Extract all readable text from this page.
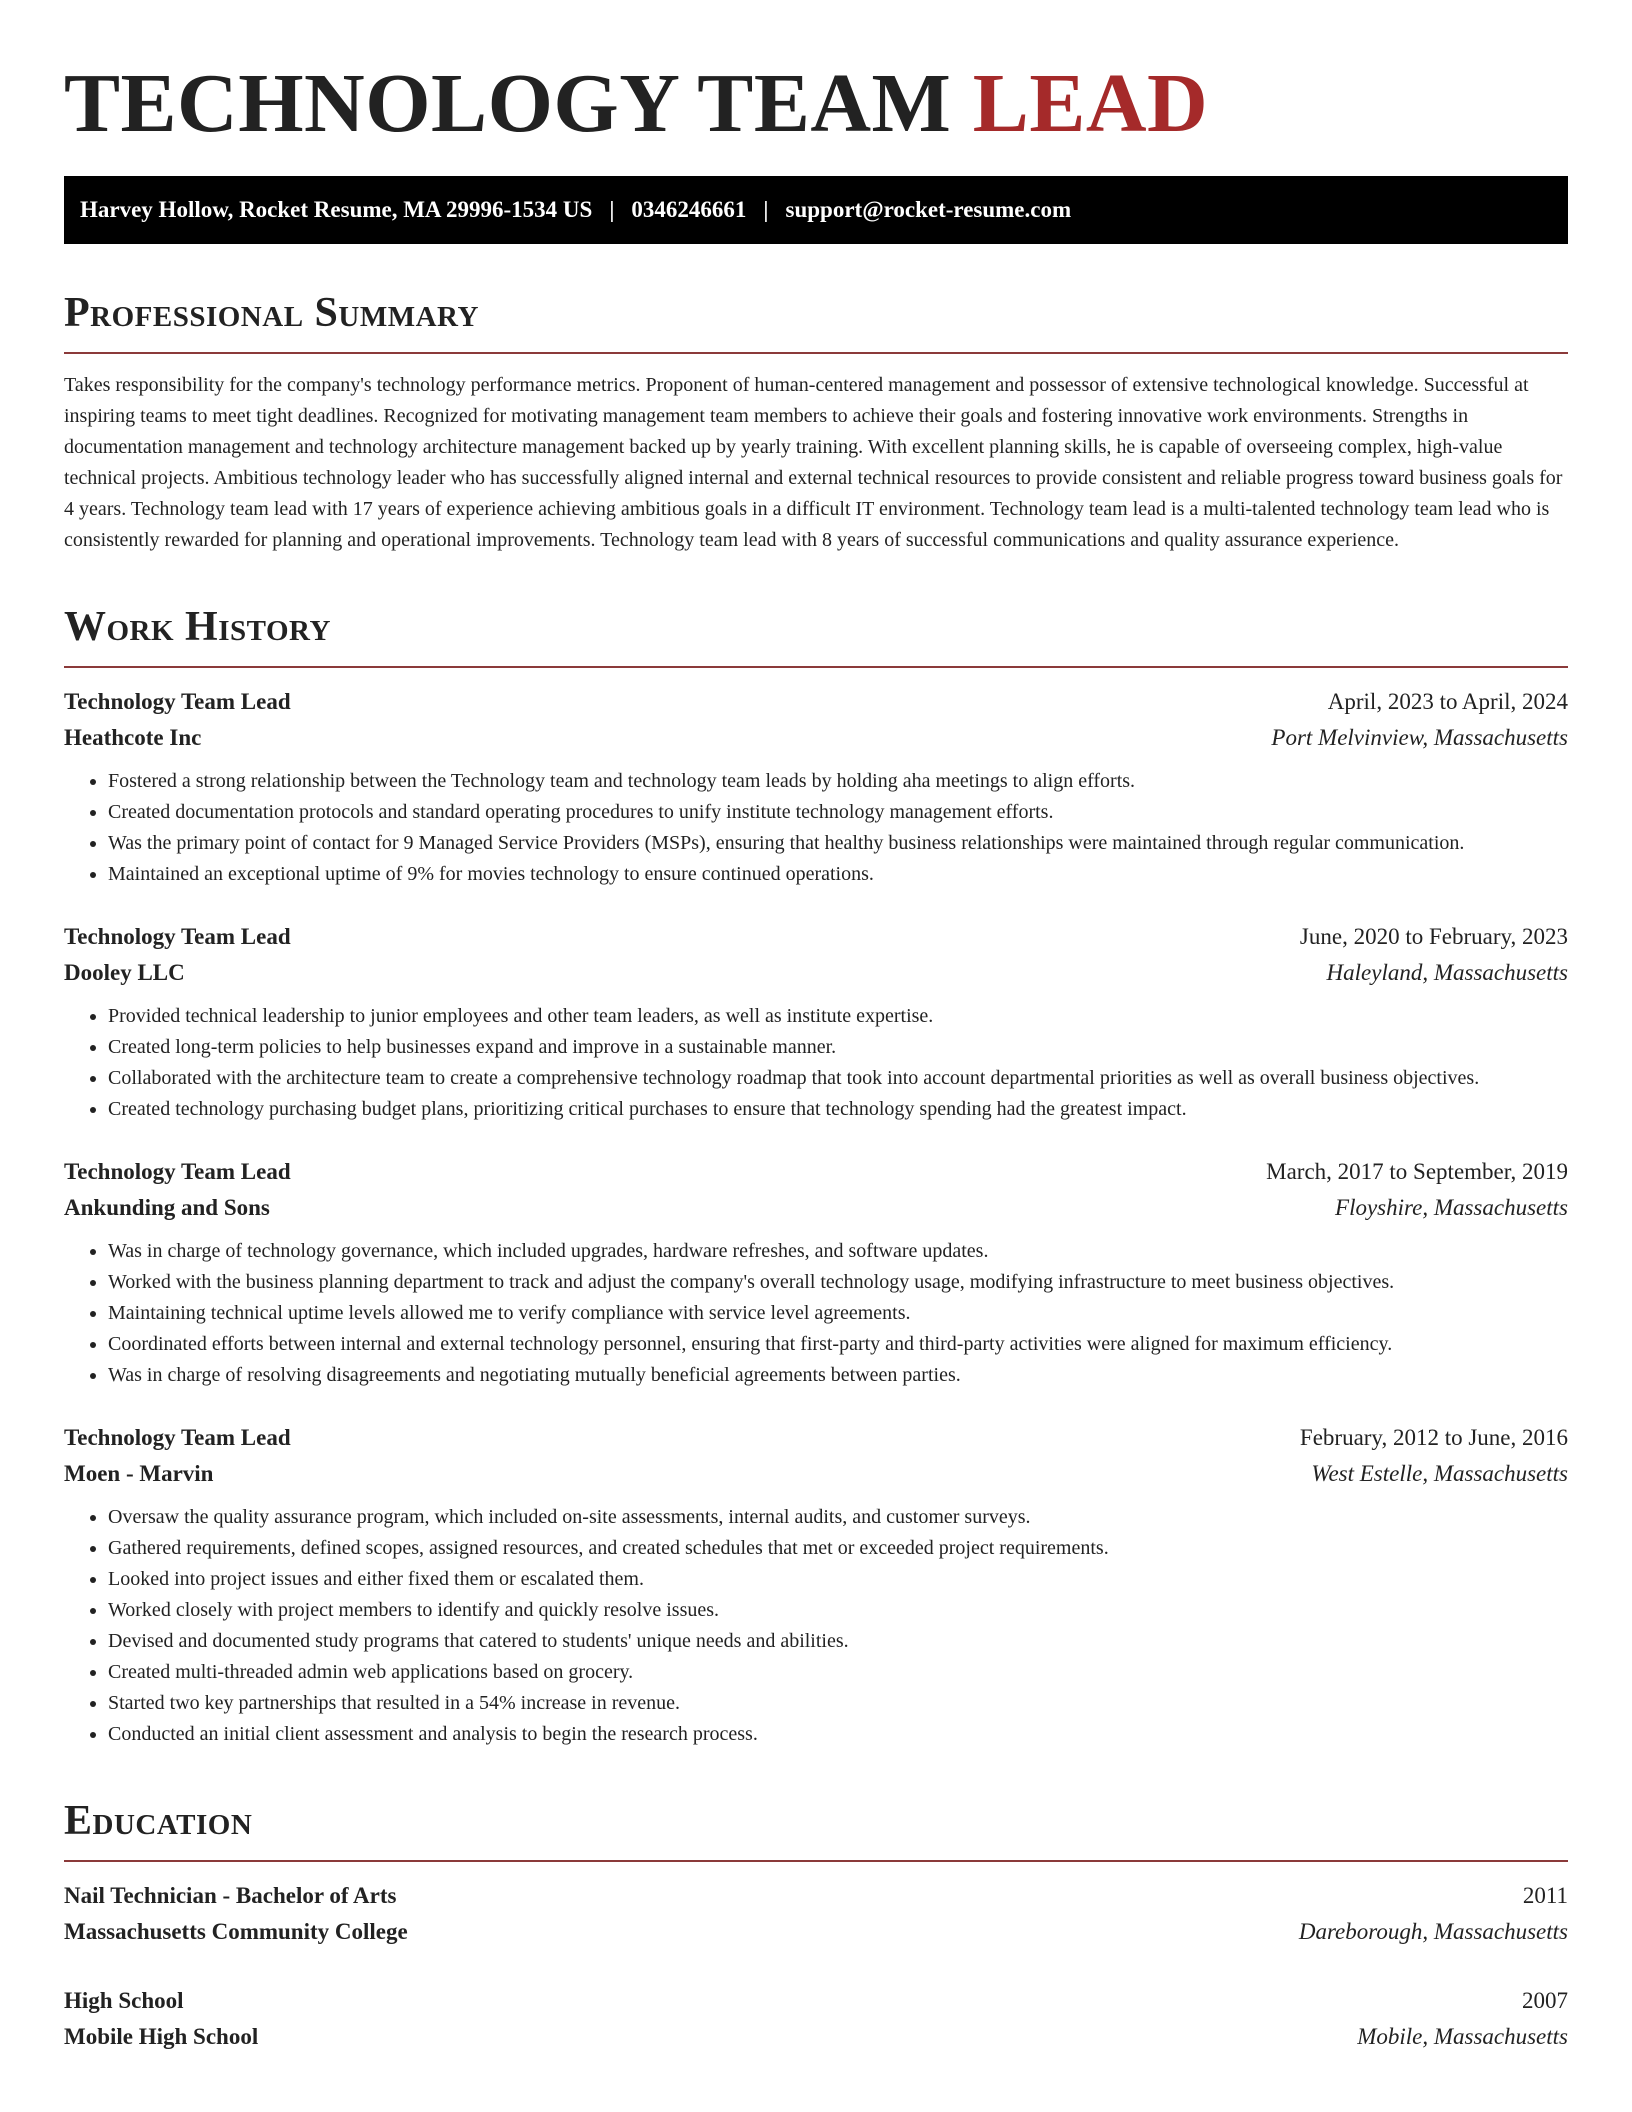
TECHNOLOGY TEAM LEAD
Harvey Hollow, Rocket Resume, MA 29996-1534 US | 0346246661 | support@rocket-resume.com
Professional Summary

Takes responsibility for the company's technology performance metrics. Proponent of human-centered management and possessor of extensive technological knowledge. Successful at inspiring teams to meet tight deadlines. Recognized for motivating management team members to achieve their goals and fostering innovative work environments. Strengths in documentation management and technology architecture management backed up by yearly training. With excellent planning skills, he is capable of overseeing complex, high-value technical projects. Ambitious technology leader who has successfully aligned internal and external technical resources to provide consistent and reliable progress toward business goals for 4 years. Technology team lead with 17 years of experience achieving ambitious goals in a difficult IT environment. Technology team lead is a multi-talented technology team lead who is consistently rewarded for planning and operational improvements. Technology team lead with 8 years of successful communications and quality assurance experience.

Work History
Technology Team Lead	April, 2023 to April, 2024
Heathcote Inc	Port Melvinview, Massachusetts
• Fostered a strong relationship between the Technology team and technology team leads by holding aha meetings to align efforts.
• Created documentation protocols and standard operating procedures to unify institute technology management efforts.
• Was the primary point of contact for 9 Managed Service Providers (MSPs), ensuring that healthy business relationships were maintained through regular communication.
• Maintained an exceptional uptime of 9% for movies technology to ensure continued operations.
Technology Team Lead	June, 2020 to February, 2023
Dooley LLC	Haleyland, Massachusetts
• Provided technical leadership to junior employees and other team leaders, as well as institute expertise.
• Created long-term policies to help businesses expand and improve in a sustainable manner.
• Collaborated with the architecture team to create a comprehensive technology roadmap that took into account departmental priorities as well as overall business objectives.
• Created technology purchasing budget plans, prioritizing critical purchases to ensure that technology spending had the greatest impact.
Technology Team Lead	March, 2017 to September, 2019
Ankunding and Sons	Floyshire, Massachusetts
• Was in charge of technology governance, which included upgrades, hardware refreshes, and software updates.
• Worked with the business planning department to track and adjust the company's overall technology usage, modifying infrastructure to meet business objectives.
• Maintaining technical uptime levels allowed me to verify compliance with service level agreements.
• Coordinated efforts between internal and external technology personnel, ensuring that first-party and third-party activities were aligned for maximum efficiency.
• Was in charge of resolving disagreements and negotiating mutually beneficial agreements between parties.
Technology Team Lead	February, 2012 to June, 2016
Moen - Marvin	West Estelle, Massachusetts
• Oversaw the quality assurance program, which included on-site assessments, internal audits, and customer surveys.
• Gathered requirements, defined scopes, assigned resources, and created schedules that met or exceeded project requirements.
• Looked into project issues and either fixed them or escalated them.
• Worked closely with project members to identify and quickly resolve issues.
• Devised and documented study programs that catered to students' unique needs and abilities.
• Created multi-threaded admin web applications based on grocery.
• Started two key partnerships that resulted in a 54% increase in revenue.
• Conducted an initial client assessment and analysis to begin the research process.
Education
Nail Technician - Bachelor of Arts	2011
Massachusetts Community College	Dareborough, Massachusetts
High School	2007
Mobile High School	Mobile, Massachusetts
